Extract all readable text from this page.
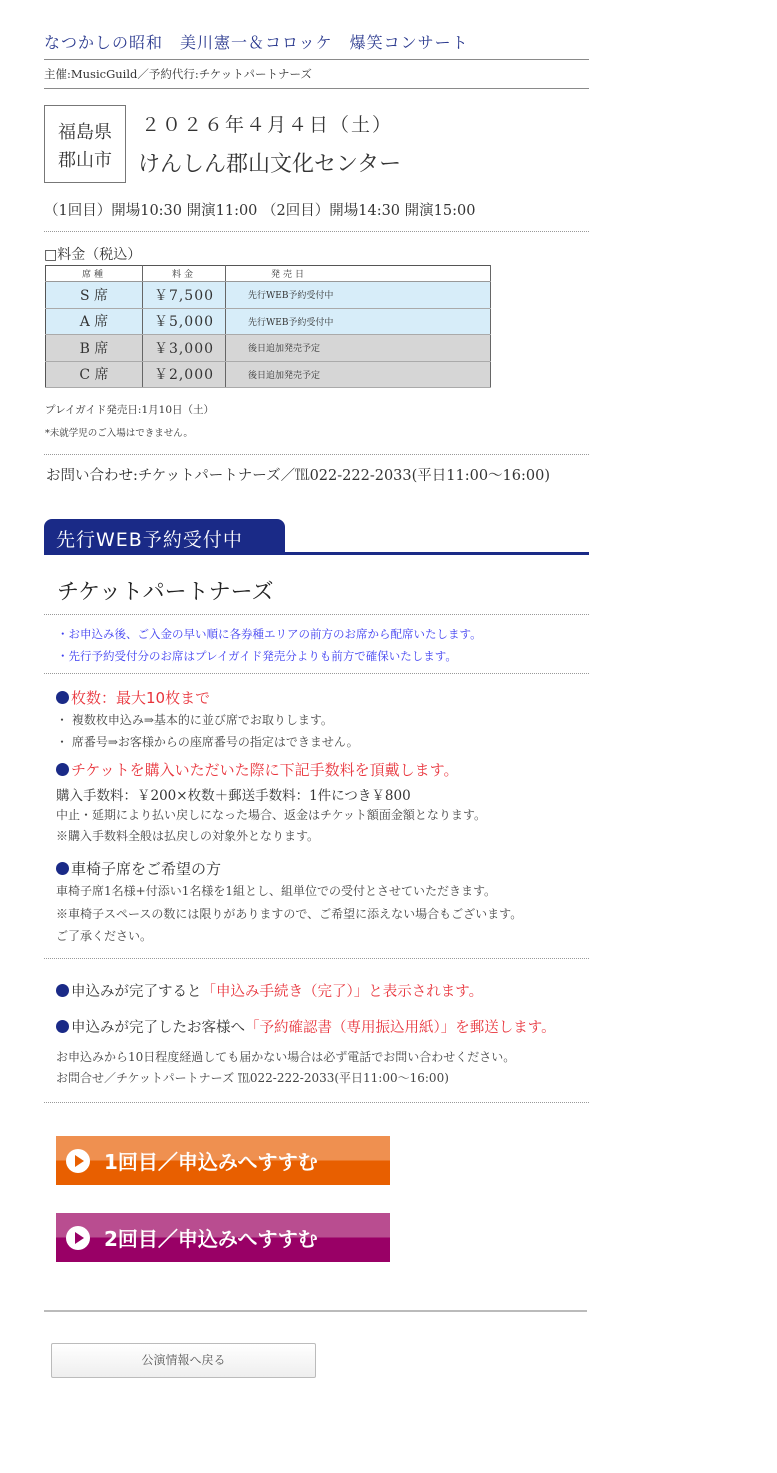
なつかしの昭和　美川憲一＆コロッケ　爆笑コンサート
主催:MusicGuild／予約代行:チケットパートナーズ
福島県
郡山市
２０２６年４月４日（土）
けんしん郡山文化センター
（1回目）開場10:30 開演11:00 （2回目）開場14:30 開演15:00
□料金（税込）
席種	料金	発売日
S 席	￥7,500	先行WEB予約受付中
A 席	￥5,000	先行WEB予約受付中
B 席	￥3,000	後日追加発売予定
C 席	￥2,000	後日追加発売予定
プレイガイド発売日:1月10日（土）
*未就学児のご入場はできません。
お問い合わせ:チケットパートナーズ／℡022-222-2033(平日11:00〜16:00)
先行WEB予約受付中
チケットパートナーズ
・お申込み後、ご入金の早い順に各券種エリアの前方のお席から配席いたします。
・先行予約受付分のお席はプレイガイド発売分よりも前方で確保いたします。
枚数：最大10枚まで
・ 複数枚申込み⇒基本的に並び席でお取りします。
・ 席番号⇒お客様からの座席番号の指定はできません。
チケットを購入いただいた際に下記手数料を頂戴します。
購入手数料：￥200×枚数＋郵送手数料：1件につき￥800
中止・延期により払い戻しになった場合、返金はチケット額面金額となります。
※購入手数料全般は払戻しの対象外となります。
車椅子席をご希望の方
車椅子席1名様+付添い1名様を1組とし、組単位での受付とさせていただきます。
※車椅子スペースの数には限りがありますので、ご希望に添えない場合もございます。
ご了承ください。
申込みが完了すると「申込み手続き（完了）」と表示されます。
申込みが完了したお客様へ「予約確認書（専用振込用紙）」を郵送します。
お申込みから10日程度経過しても届かない場合は必ず電話でお問い合わせください。
お問合せ／チケットパートナーズ ℡022-222-2033(平日11:00〜16:00)
1回目／申込みへすすむ
2回目／申込みへすすむ
公演情報へ戻る
